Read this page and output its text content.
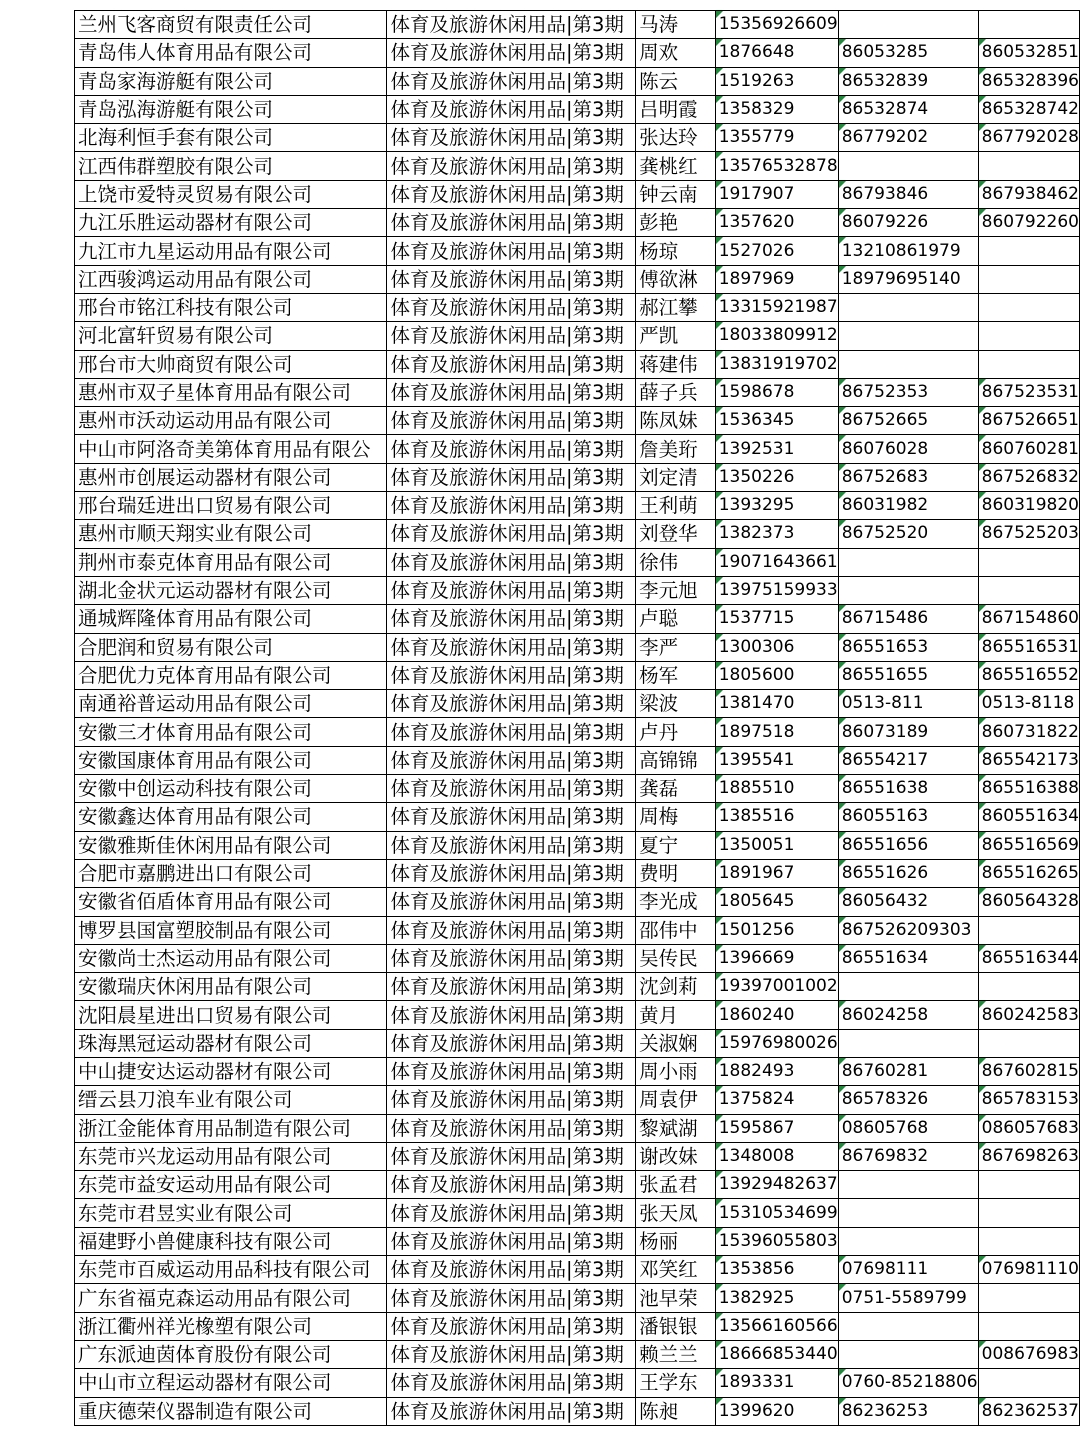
兰州飞客商贸有限责任公司	体育及旅游休闲用品|第3期	马涛	15356926609		
青岛伟人体育用品有限公司	体育及旅游休闲用品|第3期	周欢	1876648	86053285	860532851
青岛家海游艇有限公司	体育及旅游休闲用品|第3期	陈云	1519263	86532839	865328396
青岛泓海游艇有限公司	体育及旅游休闲用品|第3期	吕明霞	1358329	86532874	865328742
北海利恒手套有限公司	体育及旅游休闲用品|第3期	张达玲	1355779	86779202	867792028
江西伟群塑胶有限公司	体育及旅游休闲用品|第3期	龚桃红	13576532878		
上饶市爱特灵贸易有限公司	体育及旅游休闲用品|第3期	钟云南	1917907	86793846	867938462
九江乐胜运动器材有限公司	体育及旅游休闲用品|第3期	彭艳	1357620	86079226	860792260
九江市九星运动用品有限公司	体育及旅游休闲用品|第3期	杨琼	1527026	13210861979	
江西骏鸿运动用品有限公司	体育及旅游休闲用品|第3期	傅欲淋	1897969	18979695140	
邢台市铭江科技有限公司	体育及旅游休闲用品|第3期	郝江攀	13315921987		
河北富轩贸易有限公司	体育及旅游休闲用品|第3期	严凯	18033809912		
邢台市大帅商贸有限公司	体育及旅游休闲用品|第3期	蒋建伟	13831919702		
惠州市双子星体育用品有限公司	体育及旅游休闲用品|第3期	薛子兵	1598678	86752353	867523531
惠州市沃动运动用品有限公司	体育及旅游休闲用品|第3期	陈凤妹	1536345	86752665	867526651
中山市阿洛奇美第体育用品有限公	体育及旅游休闲用品|第3期	詹美珩	1392531	86076028	860760281
惠州市创展运动器材有限公司	体育及旅游休闲用品|第3期	刘定清	1350226	86752683	867526832
邢台瑞廷进出口贸易有限公司	体育及旅游休闲用品|第3期	王利萌	1393295	86031982	860319820
惠州市顺天翔实业有限公司	体育及旅游休闲用品|第3期	刘登华	1382373	86752520	867525203
荆州市泰克体育用品有限公司	体育及旅游休闲用品|第3期	徐伟	19071643661		
湖北金状元运动器材有限公司	体育及旅游休闲用品|第3期	李元旭	13975159933		
通城辉隆体育用品有限公司	体育及旅游休闲用品|第3期	卢聪	1537715	86715486	867154860
合肥润和贸易有限公司	体育及旅游休闲用品|第3期	李严	1300306	86551653	865516531
合肥优力克体育用品有限公司	体育及旅游休闲用品|第3期	杨军	1805600	86551655	865516552
南通裕普运动用品有限公司	体育及旅游休闲用品|第3期	梁波	1381470	0513-811	0513-8118
安徽三才体育用品有限公司	体育及旅游休闲用品|第3期	卢丹	1897518	86073189	860731822
安徽国康体育用品有限公司	体育及旅游休闲用品|第3期	高锦锦	1395541	86554217	865542173
安徽中创运动科技有限公司	体育及旅游休闲用品|第3期	龚磊	1885510	86551638	865516388
安徽鑫达体育用品有限公司	体育及旅游休闲用品|第3期	周梅	1385516	86055163	860551634
安徽雅斯佳休闲用品有限公司	体育及旅游休闲用品|第3期	夏宁	1350051	86551656	865516569
合肥市嘉鹏进出口有限公司	体育及旅游休闲用品|第3期	费明	1891967	86551626	865516265
安徽省佰盾体育用品有限公司	体育及旅游休闲用品|第3期	李光成	1805645	86056432	860564328
博罗县国富塑胶制品有限公司	体育及旅游休闲用品|第3期	邵伟中	1501256	867526209303	
安徽尚士杰运动用品有限公司	体育及旅游休闲用品|第3期	吴传民	1396669	86551634	865516344
安徽瑞庆休闲用品有限公司	体育及旅游休闲用品|第3期	沈剑莉	19397001002		
沈阳晨星进出口贸易有限公司	体育及旅游休闲用品|第3期	黄月	1860240	86024258	860242583
珠海黑冠运动器材有限公司	体育及旅游休闲用品|第3期	关淑娴	15976980026		
中山捷安达运动器材有限公司	体育及旅游休闲用品|第3期	周小雨	1882493	86760281	867602815
缙云县刀浪车业有限公司	体育及旅游休闲用品|第3期	周袁伊	1375824	86578326	865783153
浙江金能体育用品制造有限公司	体育及旅游休闲用品|第3期	黎斌湖	1595867	08605768	086057683
东莞市兴龙运动用品有限公司	体育及旅游休闲用品|第3期	谢改妹	1348008	86769832	867698263
东莞市益安运动用品有限公司	体育及旅游休闲用品|第3期	张孟君	13929482637		
东莞市君昱实业有限公司	体育及旅游休闲用品|第3期	张天凤	15310534699		
福建野小兽健康科技有限公司	体育及旅游休闲用品|第3期	杨丽	15396055803		
东莞市百威运动用品科技有限公司	体育及旅游休闲用品|第3期	邓笑红	1353856	07698111	076981110
广东省福克森运动用品有限公司	体育及旅游休闲用品|第3期	池早荣	1382925	0751-5589799	
浙江衢州祥光橡塑有限公司	体育及旅游休闲用品|第3期	潘银银	13566160566		
广东派迪茵体育股份有限公司	体育及旅游休闲用品|第3期	赖兰兰	18666853440		008676983
中山市立程运动器材有限公司	体育及旅游休闲用品|第3期	王学东	1893331	0760-85218806	
重庆德荣仪器制造有限公司	体育及旅游休闲用品|第3期	陈昶	1399620	86236253	862362537
